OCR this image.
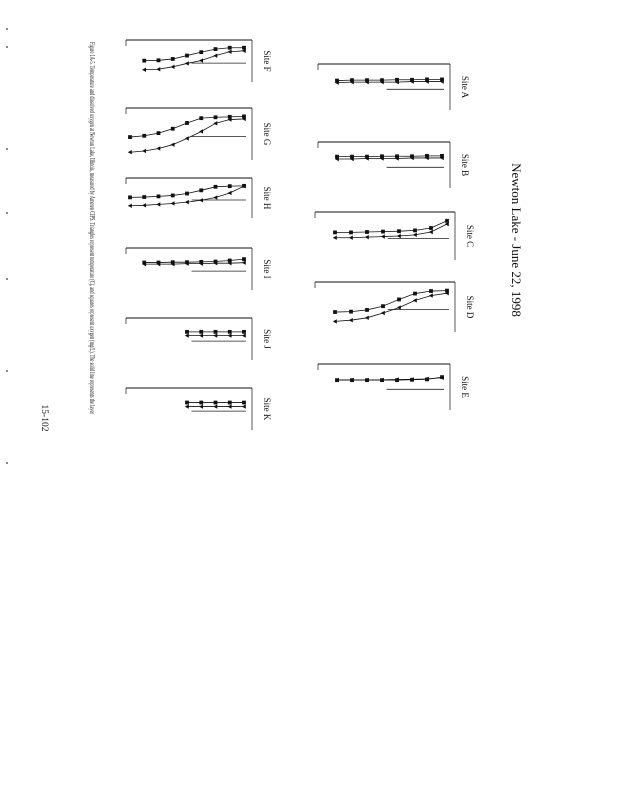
Newton Lake - June 22, 1998
Figure 1A-5. Temperature and dissolved oxygen at Newton Lake, Illinois, measured by Ameren CIPS. Triangles represent temperature (C), and squares represent oxygen (mg/L). The solid line represents the layer
15-102
Site A
Site B
Site C
Site D
Site E
Site F
Site G
Site H
Site I
Site J
Site K
